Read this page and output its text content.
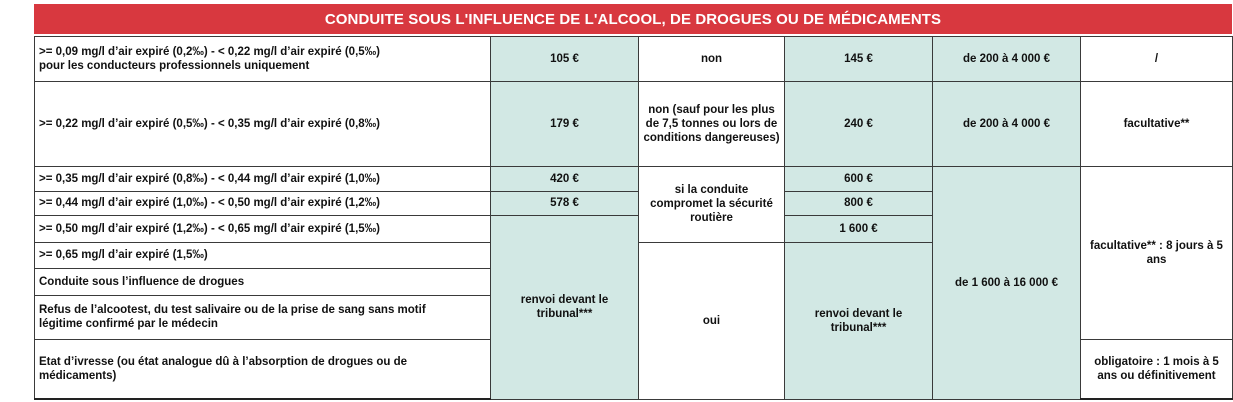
CONDUITE SOUS L'INFLUENCE DE L'ALCOOL, DE DROGUES OU DE MÉDICAMENTS
>= 0,09 mg/l d’air expiré (0,2‰) - < 0,22 mg/l d’air expiré (0,5‰)
pour les conducteurs professionnels uniquement	105 €	non	145 €	de 200 à 4 000 €	/
>= 0,22 mg/l d’air expiré (0,5‰) - < 0,35 mg/l d’air expiré (0,8‰)	179 €	non (sauf pour les plus de 7,5 tonnes ou lors de conditions dangereuses)	240 €	de 200 à 4 000 €	facultative**
>= 0,35 mg/l d’air expiré (0,8‰) - < 0,44 mg/l d’air expiré (1,0‰)	420 €	si la conduite compromet la sécurité routière	600 €	de 1 600 à 16 000 €	facultative** : 8 jours à 5 ans
>= 0,44 mg/l d’air expiré (1,0‰) - < 0,50 mg/l d’air expiré (1,2‰)	578 €		800 €		
>= 0,50 mg/l d’air expiré (1,2‰) - < 0,65 mg/l d’air expiré (1,5‰)	renvoi devant le tribunal***		1 600 €		
>= 0,65 mg/l d’air expiré (1,5‰)		oui	renvoi devant le tribunal***		
Conduite sous l’influence de drogues					
Refus de l’alcootest, du test salivaire ou de la prise de sang sans motif
légitime confirmé par le médecin					
Etat d’ivresse (ou état analogue dû à l’absorption de drogues ou de
médicaments)					obligatoire : 1 mois à 5 ans ou définitivement
